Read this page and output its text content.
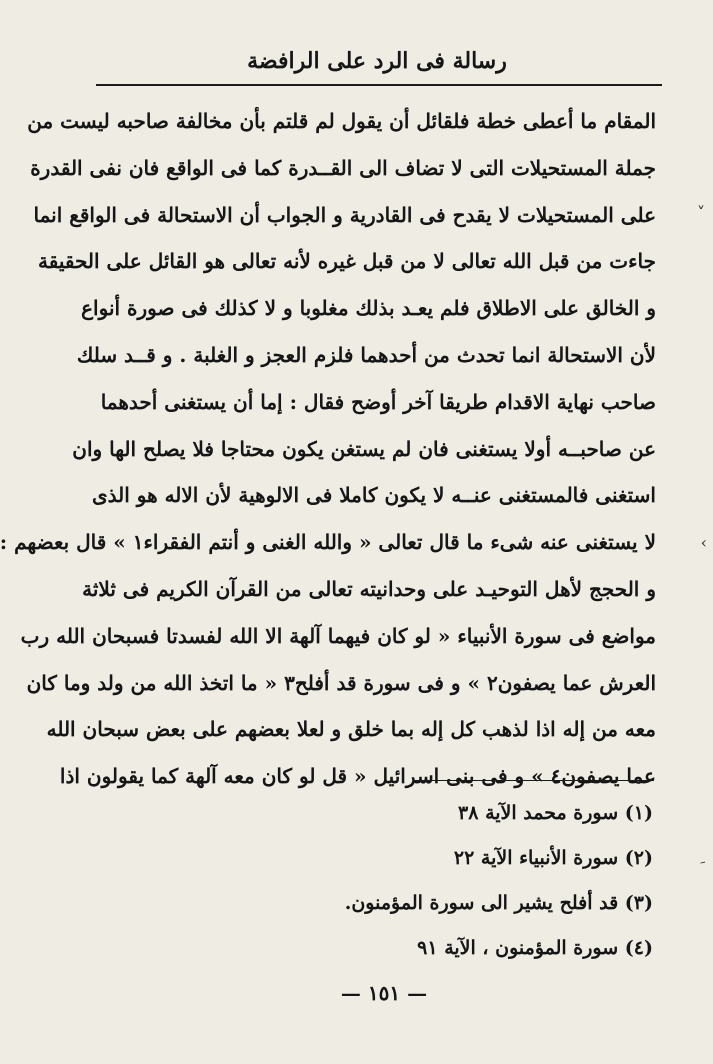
رسالة فى الرد على الرافضة
المقام ما أعطى خطة فلقائل أن يقول لم قلتم بأن مخالفة صاحبه ليست من
جملة المستحيلات التى لا تضاف الى القــدرة كما فى الواقع فان نفى القدرة
على المستحيلات لا يقدح فى القادرية و الجواب أن الاستحالة فى الواقع انما
جاءت من قبل الله تعالى لا من قبل غيره لأنه تعالى هو القائل على الحقيقة
و الخالق على الاطلاق فلم يعـد بذلك مغلوبا و لا كذلك فى صورة أنواع
لأن الاستحالة انما تحدث من أحدهما فلزم العجز و الغلبة . و قــد سلك
صاحب نهاية الاقدام طريقا آخر أوضح فقال : إما أن يستغنى أحدهما
عن صاحبــه أولا يستغنى فان لم يستغن يكون محتاجا فلا يصلح الها وان
استغنى فالمستغنى عنــه لا يكون كاملا فى الالوهية لأن الاله هو الذى
لا يستغنى عنه شىء ما قال تعالى « والله الغنى و أنتم الفقراء١ » قال بعضهم :
و الحجج لأهل التوحيـد على وحدانيته تعالى من القرآن الكريم فى ثلاثة
مواضع فى سورة الأنبياء « لو كان فيهما آلهة الا الله لفسدتا فسبحان الله رب
العرش عما يصفون٢ » و فى سورة قد أفلح٣ « ما اتخذ الله من ولد وما كان
معه من إله اذا لذهب كل إله بما خلق و لعلا بعضهم على بعض سبحان الله
عما يصفون٤ » و فى بنى اسرائيل « قل لو كان معه آلهة كما يقولون اذا
(١) سورة محمد الآية ٣٨
(٢) سورة الأنبياء الآية ٢٢
(٣) قد أفلح يشير الى سورة المؤمنون.
(٤) سورة المؤمنون ، الآية ٩١
— ١٥١ —
˅
›
ﹶ
